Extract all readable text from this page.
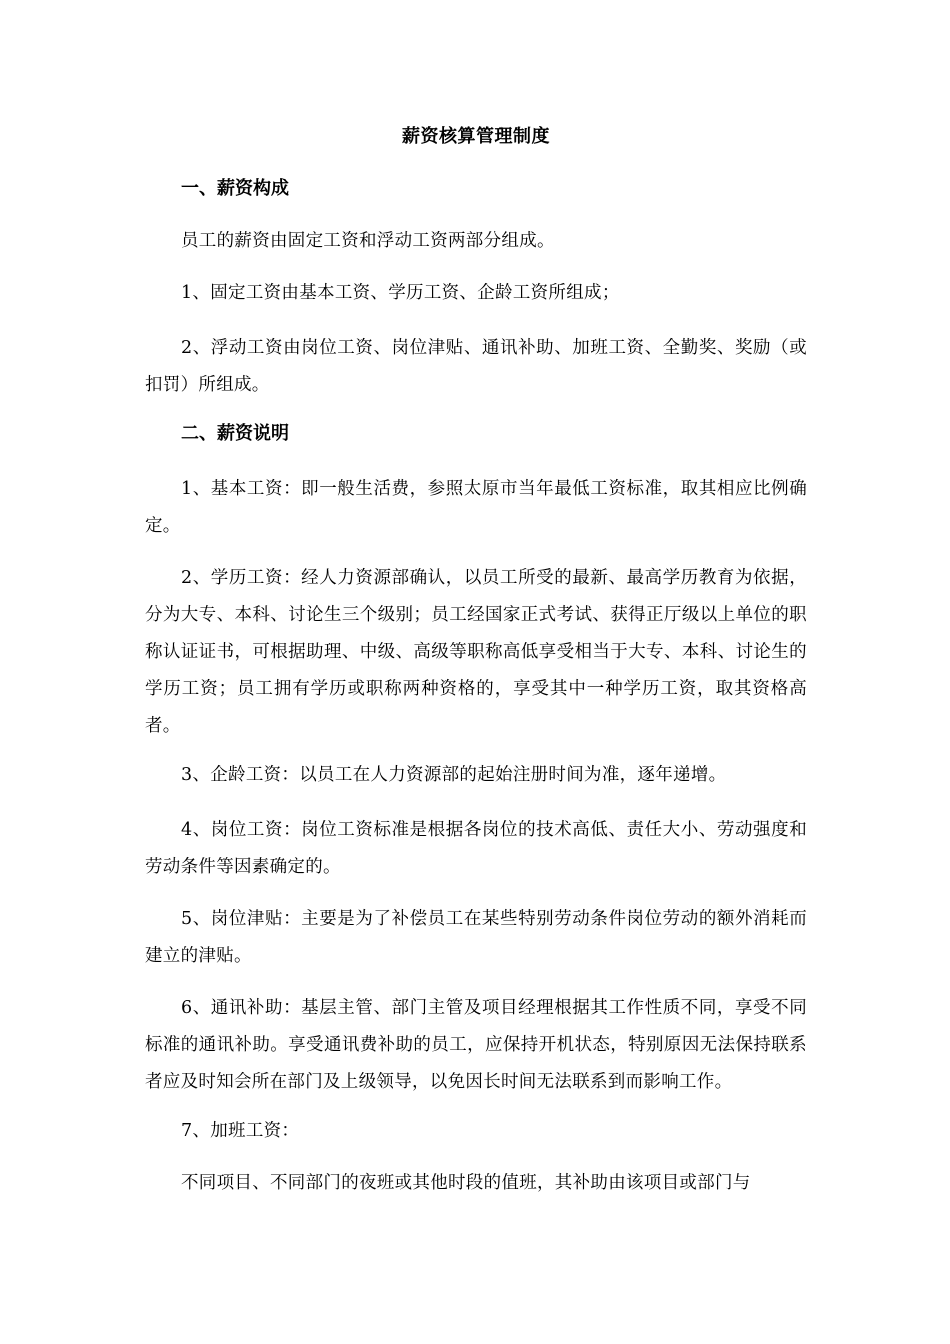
薪资核算管理制度
一、薪资构成

员工的薪资由固定工资和浮动工资两部分组成。

1、固定工资由基本工资、学历工资、企龄工资所组成；

2、浮动工资由岗位工资、岗位津贴、通讯补助、加班工资、全勤奖、奖励（或扣罚）所组成。

二、薪资说明

1、基本工资：即一般生活费，参照太原市当年最低工资标准，取其相应比例确定。

2、学历工资：经人力资源部确认，以员工所受的最新、最高学历教育为依据，分为大专、本科、讨论生三个级别；员工经国家正式考试、获得正厅级以上单位的职称认证证书，可根据助理、中级、高级等职称高低享受相当于大专、本科、讨论生的学历工资；员工拥有学历或职称两种资格的，享受其中一种学历工资，取其资格高者。

3、企龄工资：以员工在人力资源部的起始注册时间为准，逐年递增。

4、岗位工资：岗位工资标准是根据各岗位的技术高低、责任大小、劳动强度和劳动条件等因素确定的。

5、岗位津贴：主要是为了补偿员工在某些特别劳动条件岗位劳动的额外消耗而建立的津贴。

6、通讯补助：基层主管、部门主管及项目经理根据其工作性质不同，享受不同标准的通讯补助。享受通讯费补助的员工，应保持开机状态，特别原因无法保持联系者应及时知会所在部门及上级领导，以免因长时间无法联系到而影响工作。

7、加班工资：

不同项目、不同部门的夜班或其他时段的值班，其补助由该项目或部门与
